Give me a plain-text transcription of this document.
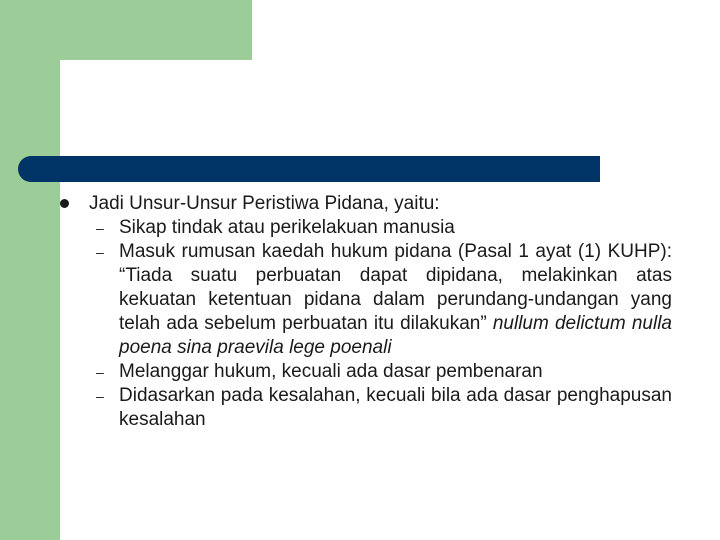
Jadi Unsur-Unsur Peristiwa Pidana, yaitu:
– Sikap tindak atau perikelakuan manusia
– Masuk rumusan kaedah hukum pidana (Pasal 1 ayat (1) KUHP): “Tiada suatu perbuatan dapat dipidana, melakinkan atas kekuatan ketentuan pidana dalam perundang-undangan yang telah ada sebelum perbuatan itu dilakukan” nullum delictum nulla poena sina praevila lege poenali
– Melanggar hukum, kecuali ada dasar pembenaran
– Didasarkan pada kesalahan, kecuali bila ada dasar penghapusan kesalahan
